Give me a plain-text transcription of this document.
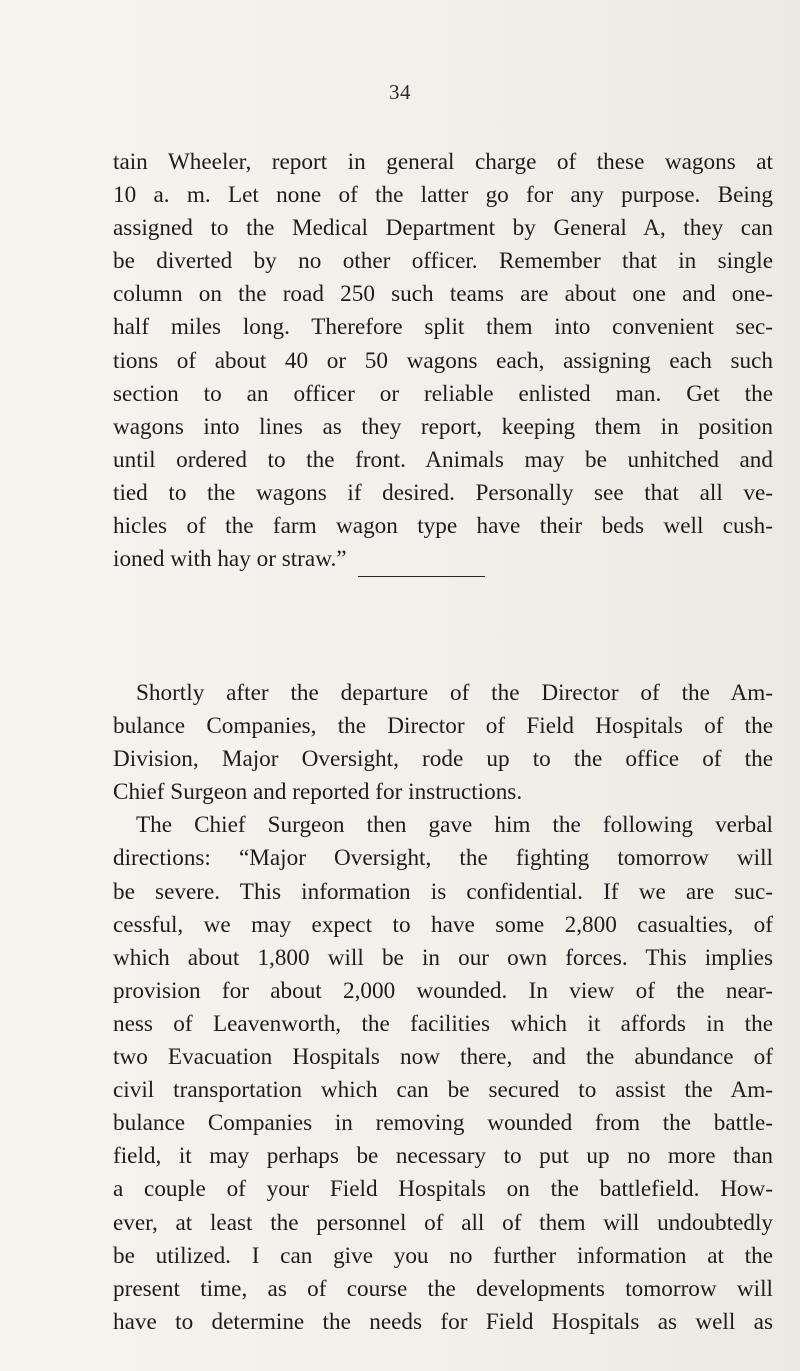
34
tain Wheeler, report in general charge of these wagons at
10 a. m. Let none of the latter go for any purpose. Being
assigned to the Medical Department by General A, they can
be diverted by no other officer. Remember that in single
column on the road 250 such teams are about one and one-
half miles long. Therefore split them into convenient sec-
tions of about 40 or 50 wagons each, assigning each such
section to an officer or reliable enlisted man. Get the
wagons into lines as they report, keeping them in position
until ordered to the front. Animals may be unhitched and
tied to the wagons if desired. Personally see that all ve-
hicles of the farm wagon type have their beds well cush-
ioned with hay or straw.”
Shortly after the departure of the Director of the Am-
bulance Companies, the Director of Field Hospitals of the
Division, Major Oversight, rode up to the office of the
Chief Surgeon and reported for instructions.
The Chief Surgeon then gave him the following verbal
directions: “Major Oversight, the fighting tomorrow will
be severe. This information is confidential. If we are suc-
cessful, we may expect to have some 2,800 casualties, of
which about 1,800 will be in our own forces. This implies
provision for about 2,000 wounded. In view of the near-
ness of Leavenworth, the facilities which it affords in the
two Evacuation Hospitals now there, and the abundance of
civil transportation which can be secured to assist the Am-
bulance Companies in removing wounded from the battle-
field, it may perhaps be necessary to put up no more than
a couple of your Field Hospitals on the battlefield. How-
ever, at least the personnel of all of them will undoubtedly
be utilized. I can give you no further information at the
present time, as of course the developments tomorrow will
have to determine the needs for Field Hospitals as well as
